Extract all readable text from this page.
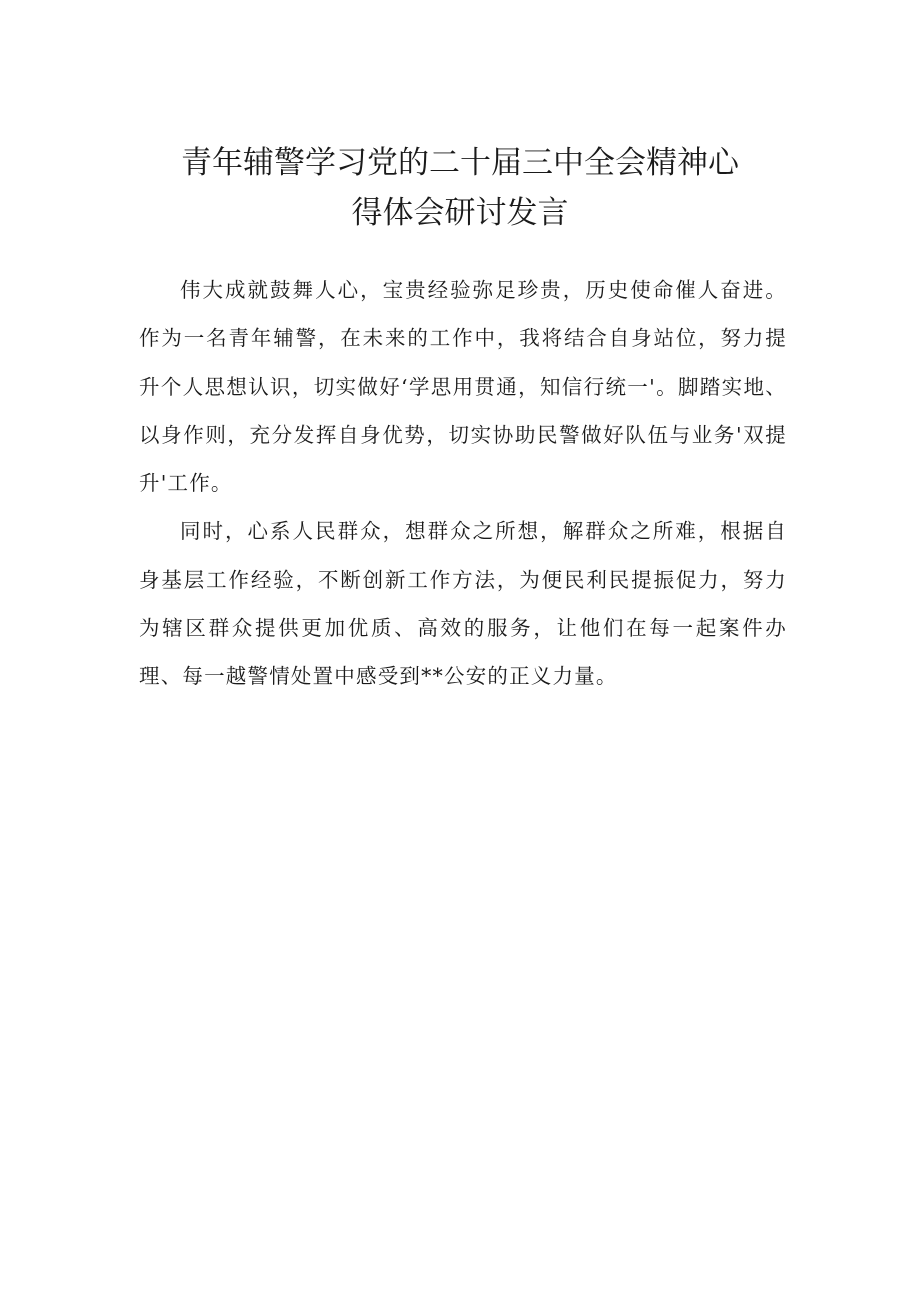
青年辅警学习党的二十届三中全会精神心
得体会研讨发言

伟大成就鼓舞人心，宝贵经验弥足珍贵，历史使命催人奋进。作为一名青年辅警，在未来的工作中，我将结合自身站位，努力提升个人思想认识，切实做好‘学思用贯通，知信行统一'。脚踏实地、以身作则，充分发挥自身优势，切实协助民警做好队伍与业务'双提升'工作。

同时，心系人民群众，想群众之所想，解群众之所难，根据自身基层工作经验，不断创新工作方法，为便民利民提振促力，努力为辖区群众提供更加优质、高效的服务，让他们在每一起案件办理、每一越警情处置中感受到**公安的正义力量。
